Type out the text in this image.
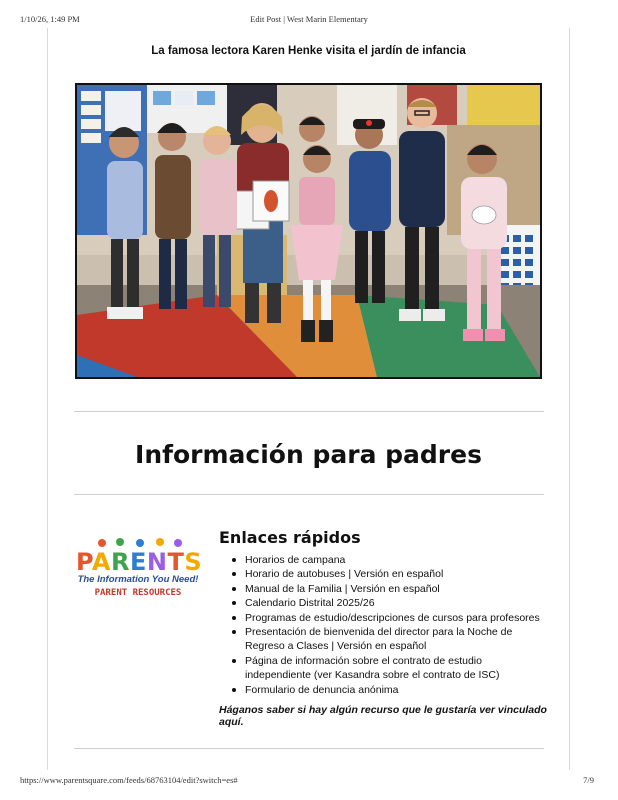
1/10/26, 1:49 PM	Edit Post | West Marin Elementary
La famosa lectora Karen Henke visita el jardín de infancia
Información para padres
PARENTS
The Information You Need!
PARENT RESOURCES
Enlaces rápidos
Horarios de campana
Horario de autobuses | Versión en español
Manual de la Familia | Versión en español
Calendario Distrital 2025/26
Programas de estudio/descripciones de cursos para profesores
Presentación de bienvenida del director para la Noche de Regreso a Clases | Versión en español
Página de información sobre el contrato de estudio independiente (ver Kasandra sobre el contrato de ISC)
Formulario de denuncia anónima

Háganos saber si hay algún recurso que le gustaría ver vinculado aquí.

https://www.parentsquare.com/feeds/68763104/edit?switch=es#	7/9
